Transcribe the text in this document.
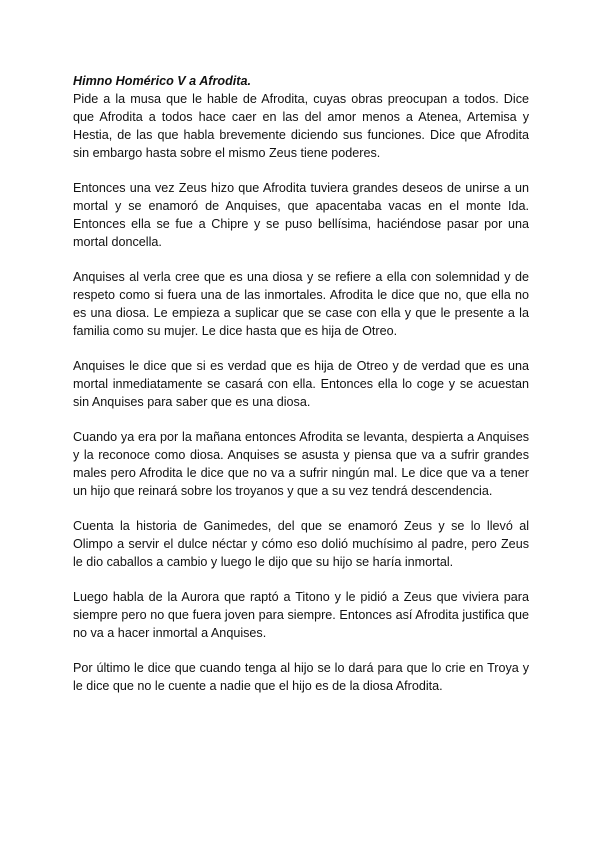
Himno Homérico V a Afrodita.

Pide a la musa que le hable de Afrodita, cuyas obras preocupan a todos. Dice que Afrodita a todos hace caer en las del amor menos a Atenea, Artemisa y Hestia, de las que habla brevemente diciendo sus funciones. Dice que Afrodita sin embargo hasta sobre el mismo Zeus tiene poderes.

Entonces una vez Zeus hizo que Afrodita tuviera grandes deseos de unirse a un mortal y se enamoró de Anquises, que apacentaba vacas en el monte Ida. Entonces ella se fue a Chipre y se puso bellísima, haciéndose pasar por una mortal doncella.

Anquises al verla cree que es una diosa y se refiere a ella con solemnidad y de respeto como si fuera una de las inmortales. Afrodita le dice que no, que ella no es una diosa. Le empieza a suplicar que se case con ella y que le presente a la familia como su mujer. Le dice hasta que es hija de Otreo.

Anquises le dice que si es verdad que es hija de Otreo y de verdad que es una mortal inmediatamente se casará con ella. Entonces ella lo coge y se acuestan sin Anquises para saber que es una diosa.

Cuando ya era por la mañana entonces Afrodita se levanta, despierta a Anquises y la reconoce como diosa. Anquises se asusta y piensa que va a sufrir grandes males pero Afrodita le dice que no va a sufrir ningún mal. Le dice que va a tener un hijo que reinará sobre los troyanos y que a su vez tendrá descendencia.

Cuenta la historia de Ganimedes, del que se enamoró Zeus y se lo llevó al Olimpo a servir el dulce néctar y cómo eso dolió muchísimo al padre, pero Zeus le dio caballos a cambio y luego le dijo que su hijo se haría inmortal.

Luego habla de la Aurora que raptó a Titono y le pidió a Zeus que viviera para siempre pero no que fuera joven para siempre. Entonces así Afrodita justifica que no va a hacer inmortal a Anquises.

Por último le dice que cuando tenga al hijo se lo dará para que lo crie en Troya y le dice que no le cuente a nadie que el hijo es de la diosa Afrodita.
